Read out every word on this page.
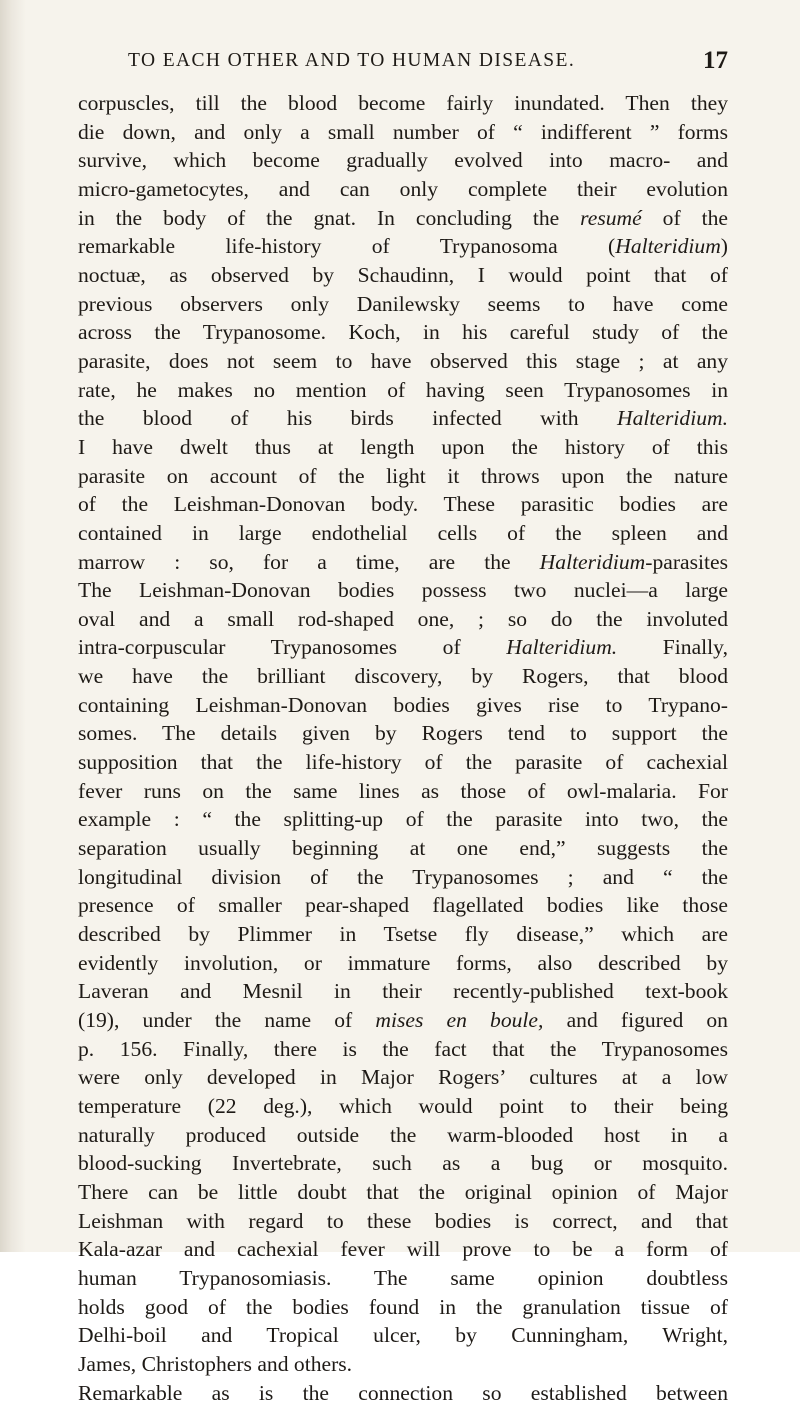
TO EACH OTHER AND TO HUMAN DISEASE.	17
corpuscles, till the blood become fairly inundated. Then they
die down, and only a small number of “ indifferent ” forms
survive, which become gradually evolved into macro- and
micro-gametocytes, and can only complete their evolution
in the body of the gnat. In concluding the resumé of the
remarkable life-history of Trypanosoma (Halteridium)
noctuæ, as observed by Schaudinn, I would point that of
previous observers only Danilewsky seems to have come
across the Trypanosome. Koch, in his careful study of the
parasite, does not seem to have observed this stage ; at any
rate, he makes no mention of having seen Trypanosomes in
the blood of his birds infected with Halteridium.
I have dwelt thus at length upon the history of this
parasite on account of the light it throws upon the nature
of the Leishman-Donovan body. These parasitic bodies are
contained in large endothelial cells of the spleen and
marrow : so, for a time, are the Halteridium-parasites
The Leishman-Donovan bodies possess two nuclei—a large
oval and a small rod-shaped one, ; so do the involuted
intra-corpuscular Trypanosomes of Halteridium. Finally,
we have the brilliant discovery, by Rogers, that blood
containing Leishman-Donovan bodies gives rise to Trypano-
somes. The details given by Rogers tend to support the
supposition that the life-history of the parasite of cachexial
fever runs on the same lines as those of owl-malaria. For
example : “ the splitting-up of the parasite into two, the
separation usually beginning at one end,” suggests the
longitudinal division of the Trypanosomes ; and “ the
presence of smaller pear-shaped flagellated bodies like those
described by Plimmer in Tsetse fly disease,” which are
evidently involution, or immature forms, also described by
Laveran and Mesnil in their recently-published text-book
(19), under the name of mises en boule, and figured on
p. 156. Finally, there is the fact that the Trypanosomes
were only developed in Major Rogers’ cultures at a low
temperature (22 deg.), which would point to their being
naturally produced outside the warm-blooded host in a
blood-sucking Invertebrate, such as a bug or mosquito.
There can be little doubt that the original opinion of Major
Leishman with regard to these bodies is correct, and that
Kala-azar and cachexial fever will prove to be a form of
human Trypanosomiasis. The same opinion doubtless
holds good of the bodies found in the granulation tissue of
Delhi-boil and Tropical ulcer, by Cunningham, Wright,
James, Christophers and others.
Remarkable as is the connection so established between
